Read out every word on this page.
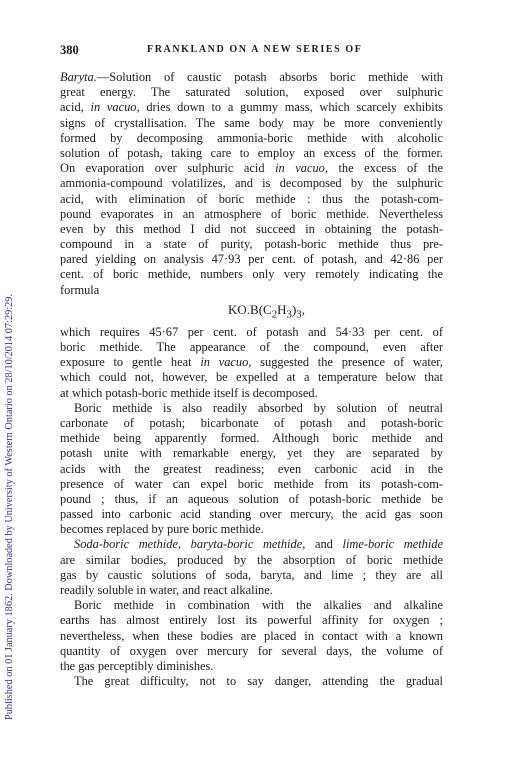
Published on 01 January 1862. Downloaded by University of Western Ontario on 28/10/2014 07:29:29.
380	FRANKLAND ON A NEW SERIES OF
Baryta.—Solution of caustic potash absorbs boric methide with
great energy. The saturated solution, exposed over sulphuric
acid, in vacuo, dries down to a gummy mass, which scarcely exhibits
signs of crystallisation. The same body may be more conveniently
formed by decomposing ammonia-boric methide with alcoholic
solution of potash, taking care to employ an excess of the former.
On evaporation over sulphuric acid in vacuo, the excess of the
ammonia-compound volatilizes, and is decomposed by the sulphuric
acid, with elimination of boric methide : thus the potash-com-
pound evaporates in an atmosphere of boric methide. Nevertheless
even by this method I did not succeed in obtaining the potash-
compound in a state of purity, potash-boric methide thus pre-
pared yielding on analysis 47·93 per cent. of potash, and 42·86 per
cent. of boric methide, numbers only very remotely indicating the
formula
$KO.B(C_2H_3)_3$,
which requires 45·67 per cent. of potash and 54·33 per cent. of
boric methide. The appearance of the compound, even after
exposure to gentle heat in vacuo, suggested the presence of water,
which could not, however, be expelled at a temperature below that
at which potash-boric methide itself is decomposed.
Boric methide is also readily absorbed by solution of neutral
carbonate of potash; bicarbonate of potash and potash-boric
methide being apparently formed. Although boric methide and
potash unite with remarkable energy, yet they are separated by
acids with the greatest readiness; even carbonic acid in the
presence of water can expel boric methide from its potash-com-
pound ; thus, if an aqueous solution of potash-boric methide be
passed into carbonic acid standing over mercury, the acid gas soon
becomes replaced by pure boric methide.
Soda-boric methide, baryta-boric methide, and lime-boric methide
are similar bodies, produced by the absorption of boric methide
gas by caustic solutions of soda, baryta, and lime ; they are all
readily soluble in water, and react alkaline.
Boric methide in combination with the alkalies and alkaline
earths has almost entirely lost its powerful affinity for oxygen ;
nevertheless, when these bodies are placed in contact with a known
quantity of oxygen over mercury for several days, the volume of
the gas perceptibly diminishes.
The great difficulty, not to say danger, attending the gradual
